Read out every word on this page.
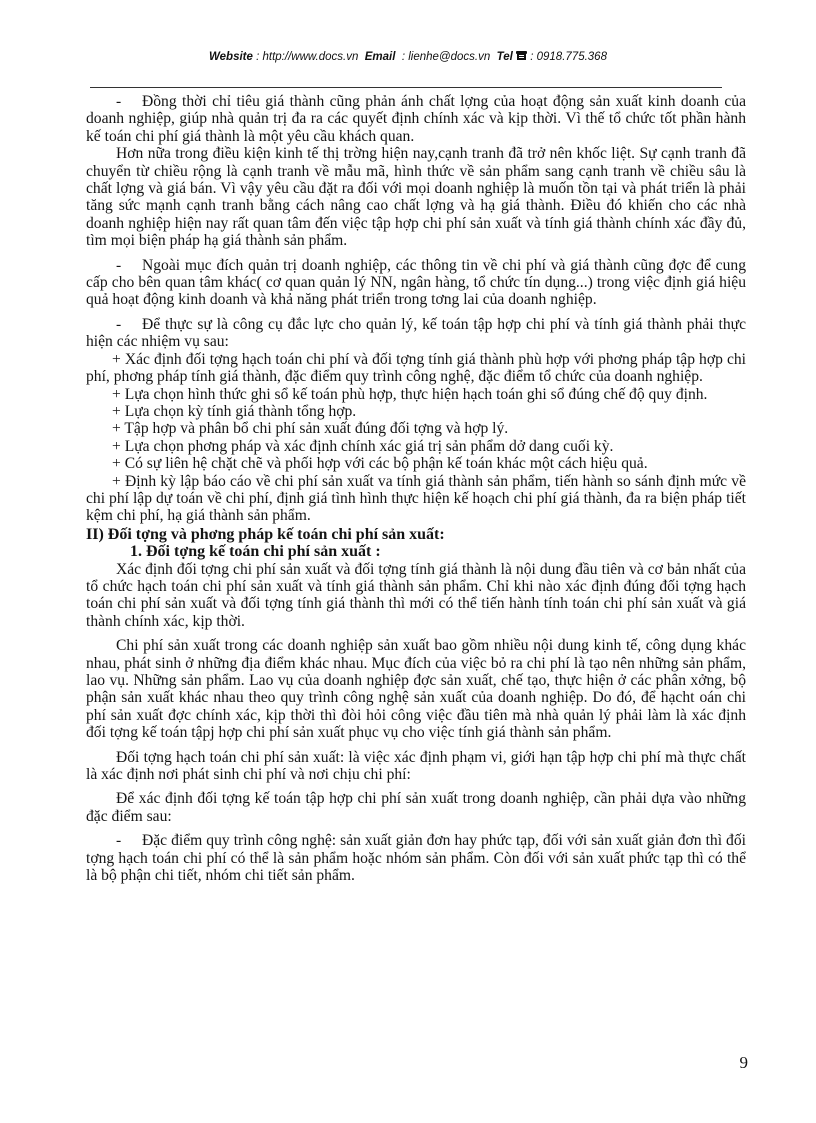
Website : http://www.docs.vn Email : lienhe@docs.vn Tel : 0918.775.368

- Đồng thời chỉ tiêu giá thành cũng phản ánh chất lợng của hoạt động sản xuất kinh doanh của doanh nghiệp, giúp nhà quản trị đa ra các quyết định chính xác và kịp thời. Vì thế tổ chức tốt phần hành kế toán chi phí giá thành là một yêu cầu khách quan.

Hơn nữa trong điều kiện kinh tế thị trờng hiện nay,cạnh tranh đã trở nên khốc liệt. Sự cạnh tranh đã chuyển từ chiều rộng là cạnh tranh về mẫu mã, hình thức về sản phẩm sang cạnh tranh về chiều sâu là chất lợng và giá bán. Vì vậy yêu cầu đặt ra đối với mọi doanh nghiệp là muốn tồn tại và phát triển là phải tăng sức mạnh cạnh tranh bằng cách nâng cao chất lợng và hạ giá thành. Điều đó khiến cho các nhà doanh nghiệp hiện nay rất quan tâm đến việc tập hợp chi phí sản xuất và tính giá thành chính xác đầy đủ, tìm mọi biện pháp hạ giá thành sản phẩm.

- Ngoài mục đích quản trị doanh nghiệp, các thông tin về chi phí và giá thành cũng đợc để cung cấp cho bên quan tâm khác( cơ quan quản lý NN, ngân hàng, tổ chức tín dụng...) trong việc định giá hiệu quả hoạt động kinh doanh và khả năng phát triển trong tơng lai của doanh nghiệp.

- Để thực sự là công cụ đắc lực cho quản lý, kế toán tập hợp chi phí và tính giá thành phải thực hiện các nhiệm vụ sau:

+ Xác định đối tợng hạch toán chi phí và đối tợng tính giá thành phù hợp với phơng pháp tập hợp chi phí, phơng pháp tính giá thành, đặc điểm quy trình công nghệ, đặc điểm tổ chức của doanh nghiệp.

+ Lựa chọn hình thức ghi sổ kế toán phù hợp, thực hiện hạch toán ghi sổ đúng chế độ quy định.

+ Lựa chọn kỳ tính giá thành tổng hợp.

+ Tập hợp và phân bổ chi phí sản xuất đúng đối tợng và hợp lý.

+ Lựa chọn phơng pháp và xác định chính xác giá trị sản phẩm dở dang cuối kỳ.

+ Có sự liên hệ chặt chẽ và phối hợp với các bộ phận kế toán khác một cách hiệu quả.

+ Định kỳ lập báo cáo về chi phí sản xuất va tính giá thành sản phẩm, tiến hành so sánh định mức về chi phí lập dự toán về chi phí, định giá tình hình thực hiện kế hoạch chi phí giá thành, đa ra biện pháp tiết kệm chi phí, hạ giá thành sản phẩm.

II) Đối tợng và phơng pháp kế toán chi phí sản xuất:

1. Đối tợng kế toán chi phí sản xuất :

Xác định đối tợng chi phí sản xuất và đối tợng tính giá thành là nội dung đầu tiên và cơ bản nhất của tổ chức hạch toán chi phí sản xuất và tính giá thành sản phẩm. Chỉ khi nào xác định đúng đối tợng hạch toán chi phí sản xuất và đối tợng tính giá thành thì mới có thể tiến hành tính toán chi phí sản xuất và giá thành chính xác, kịp thời.

Chi phí sản xuất trong các doanh nghiệp sản xuất bao gồm nhiều nội dung kinh tế, công dụng khác nhau, phát sinh ở những địa điểm khác nhau. Mục đích của việc bỏ ra chi phí là tạo nên những sản phẩm, lao vụ. Những sản phẩm. Lao vụ của doanh nghiệp đợc sản xuất, chế tạo, thực hiện ở các phân xởng, bộ phận sản xuất khác nhau theo quy trình công nghệ sản xuất của doanh nghiệp. Do đó, để hạcht oán chi phí sản xuất đợc chính xác, kịp thời thì đòi hỏi công việc đầu tiên mà nhà quản lý phải làm là xác định đối tợng kế toán tậpj hợp chi phí sản xuất phục vụ cho việc tính giá thành sản phẩm.

Đối tợng hạch toán chi phí sản xuất: là việc xác định phạm vi, giới hạn tập hợp chi phí mà thực chất là xác định nơi phát sinh chi phí và nơi chịu chi phí:

Để xác định đối tợng kế toán tập hợp chi phí sản xuất trong doanh nghiệp, cần phải dựa vào những đặc điểm sau:

- Đặc điểm quy trình công nghệ: sản xuất giản đơn hay phức tạp, đối với sản xuất giản đơn thì đối tợng hạch toán chi phí có thể là sản phẩm hoặc nhóm sản phẩm. Còn đối với sản xuất phức tạp thì có thể là bộ phận chi tiết, nhóm chi tiết sản phẩm.

9
